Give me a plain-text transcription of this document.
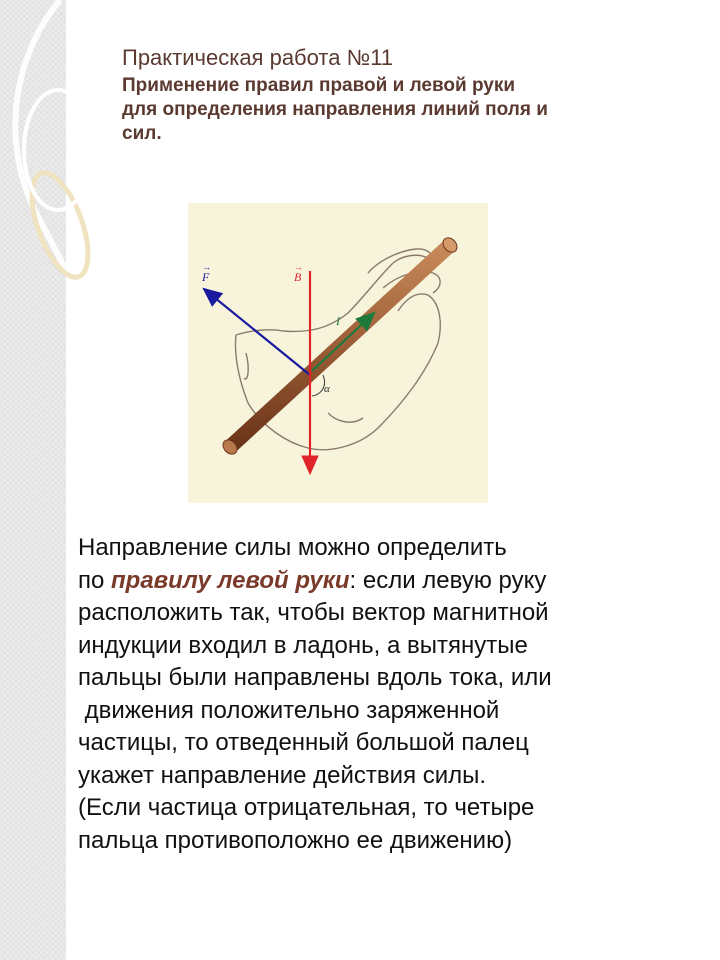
Практическая работа №11

Применение правил правой и левой руки
для определения направления линий поля и
сил.

F
→
B
→
I
α
Направление силы можно определить
по правилу левой руки: если левую руку
расположить так, чтобы вектор магнитной
индукции входил в ладонь, а вытянутые
пальцы были направлены вдоль тока, или
движения положительно заряженной
частицы, то отведенный большой палец
укажет направление действия силы.
(Если частица отрицательная, то четыре
пальца противоположно ее движению)
